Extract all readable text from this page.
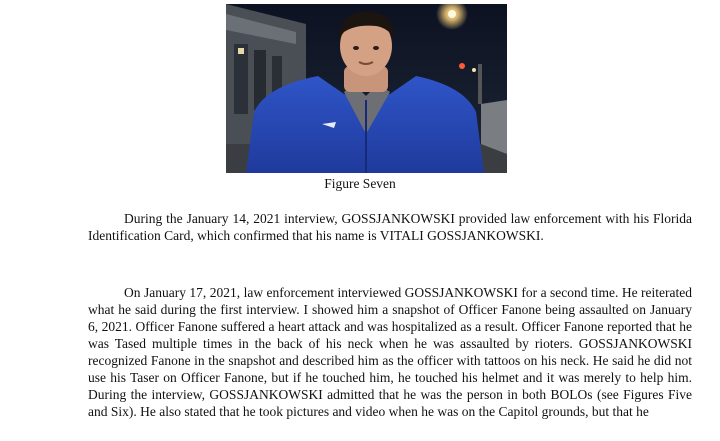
Figure Seven

During the January 14, 2021 interview, GOSSJANKOWSKI provided law enforcement with his Florida Identification Card, which confirmed that his name is VITALI GOSSJANKOWSKI.

On January 17, 2021, law enforcement interviewed GOSSJANKOWSKI for a second time. He reiterated what he said during the first interview. I showed him a snapshot of Officer Fanone being assaulted on January 6, 2021. Officer Fanone suffered a heart attack and was hospitalized as a result. Officer Fanone reported that he was Tased multiple times in the back of his neck when he was assaulted by rioters. GOSSJANKOWSKI recognized Fanone in the snapshot and described him as the officer with tattoos on his neck. He said he did not use his Taser on Officer Fanone, but if he touched him, he touched his helmet and it was merely to help him. During the interview, GOSSJANKOWSKI admitted that he was the person in both BOLOs (see Figures Five and Six). He also stated that he took pictures and video when he was on the Capitol grounds, but that he
